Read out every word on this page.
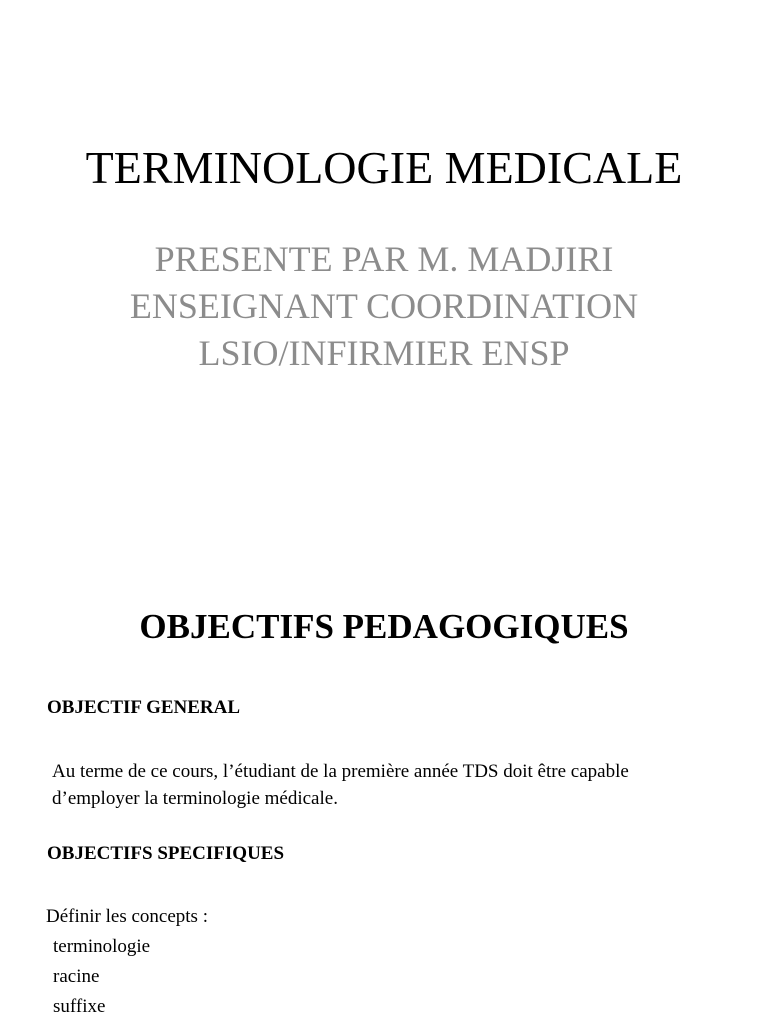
TERMINOLOGIE MEDICALE
PRESENTE PAR M. MADJIRI
ENSEIGNANT COORDINATION
LSIO/INFIRMIER ENSP
OBJECTIFS PEDAGOGIQUES
OBJECTIF GENERAL
Au terme de ce cours, l’étudiant de la première année TDS doit être capable
d’employer la terminologie médicale.
OBJECTIFS SPECIFIQUES

Définir les concepts :

terminologie
racine
suffixe
